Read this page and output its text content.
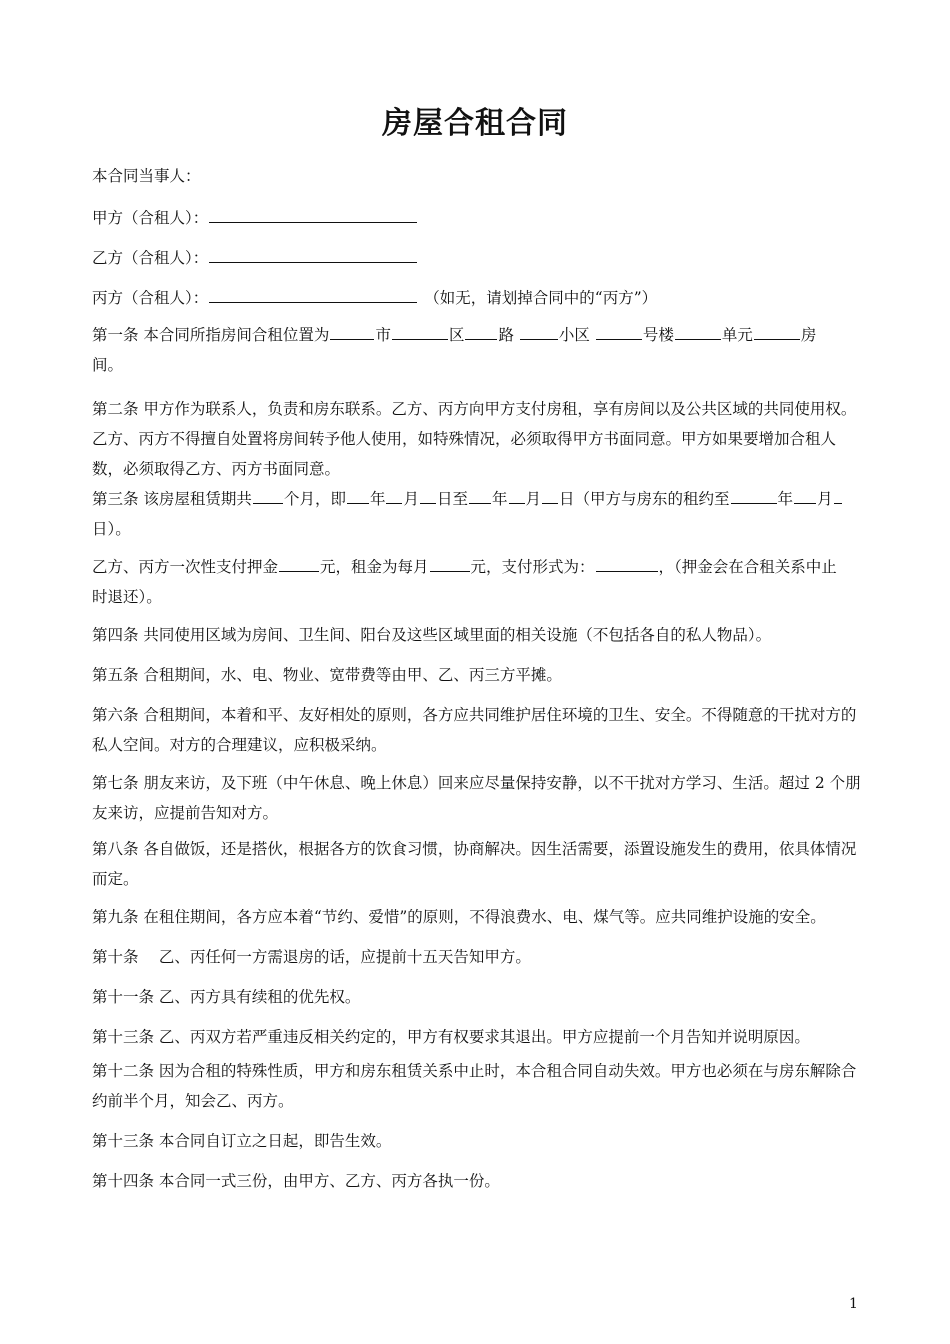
房屋合租合同
本合同当事人：
甲方（合租人）：
乙方（合租人）：
丙方（合租人）：	（如无，请划掉合同中的“丙方”）
第一条 本合同所指房间合租位置为	市	区 路	小区	号楼	单元	房
间。
第二条 甲方作为联系人，负责和房东联系。乙方、丙方向甲方支付房租，享有房间以及公共区域的共同使用权。乙方、丙方不得擅自处置将房间转予他人使用，如特殊情况，必须取得甲方书面同意。甲方如果要增加合租人数，必须取得乙方、丙方书面同意。
第三条 该房屋租赁期共 个月，即 年 月 日至 年 月 日（甲方与房东的租约至	年 月
日）。
乙方、丙方一次性支付押金	元，租金为每月	元，支付形式为：	，（押金会在合租关系中止
时退还）。
第四条 共同使用区域为房间、卫生间、阳台及这些区域里面的相关设施（不包括各自的私人物品）。
第五条 合租期间，水、电、物业、宽带费等由甲、乙、丙三方平摊。
第六条 合租期间，本着和平、友好相处的原则，各方应共同维护居住环境的卫生、安全。不得随意的干扰对方的私人空间。对方的合理建议，应积极采纳。
第七条 朋友来访，及下班（中午休息、晚上休息）回来应尽量保持安静，以不干扰对方学习、生活。超过 2 个朋友来访，应提前告知对方。
第八条 各自做饭，还是搭伙，根据各方的饮食习惯，协商解决。因生活需要，添置设施发生的费用，依具体情况而定。
第九条 在租住期间，各方应本着“节约、爱惜”的原则，不得浪费水、电、煤气等。应共同维护设施的安全。
第十条 　乙、丙任何一方需退房的话，应提前十五天告知甲方。
第十一条 乙、丙方具有续租的优先权。
第十三条 乙、丙双方若严重违反相关约定的，甲方有权要求其退出。甲方应提前一个月告知并说明原因。
第十二条 因为合租的特殊性质，甲方和房东租赁关系中止时，本合租合同自动失效。甲方也必须在与房东解除合约前半个月，知会乙、丙方。
第十三条 本合同自订立之日起，即告生效。
第十四条 本合同一式三份，由甲方、乙方、丙方各执一份。
1
